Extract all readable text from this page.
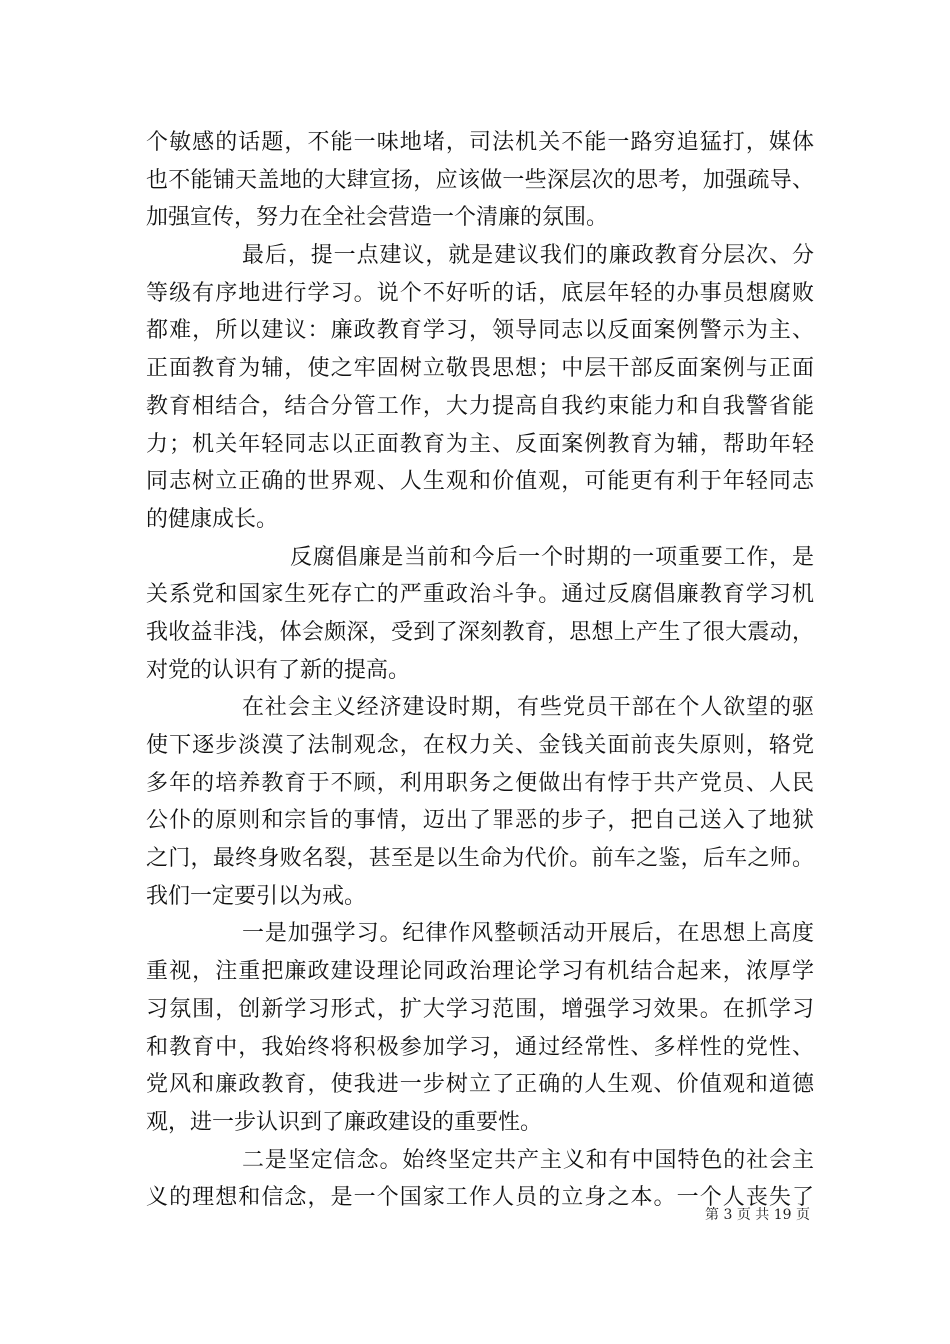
个敏感的话题，不能一味地堵，司法机关不能一路穷追猛打，媒体
也不能铺天盖地的大肆宣扬，应该做一些深层次的思考，加强疏导、
加强宣传，努力在全社会营造一个清廉的氛围。
最后，提一点建议，就是建议我们的廉政教育分层次、分
等级有序地进行学习。说个不好听的话，底层年轻的办事员想腐败
都难，所以建议：廉政教育学习，领导同志以反面案例警示为主、
正面教育为辅，使之牢固树立敬畏思想；中层干部反面案例与正面
教育相结合，结合分管工作，大力提高自我约束能力和自我警省能
力；机关年轻同志以正面教育为主、反面案例教育为辅，帮助年轻
同志树立正确的世界观、人生观和价值观，可能更有利于年轻同志
的健康成长。
反腐倡廉是当前和今后一个时期的一项重要工作，是
关系党和国家生死存亡的严重政治斗争。通过反腐倡廉教育学习机
我收益非浅，体会颇深，受到了深刻教育，思想上产生了很大震动，
对党的认识有了新的提高。
在社会主义经济建设时期，有些党员干部在个人欲望的驱
使下逐步淡漠了法制观念，在权力关、金钱关面前丧失原则，辂党
多年的培养教育于不顾，利用职务之便做出有悖于共产党员、人民
公仆的原则和宗旨的事情，迈出了罪恶的步子，把自己送入了地狱
之门，最终身败名裂，甚至是以生命为代价。前车之鉴，后车之师。
我们一定要引以为戒。
一是加强学习。纪律作风整顿活动开展后，在思想上高度
重视，注重把廉政建设理论同政治理论学习有机结合起来，浓厚学
习氛围，创新学习形式，扩大学习范围，增强学习效果。在抓学习
和教育中，我始终将积极参加学习，通过经常性、多样性的党性、
党风和廉政教育，使我进一步树立了正确的人生观、价值观和道德
观，进一步认识到了廉政建设的重要性。
二是坚定信念。始终坚定共产主义和有中国特色的社会主
义的理想和信念，是一个国家工作人员的立身之本。一个人丧失了
第 3 页 共 19 页
